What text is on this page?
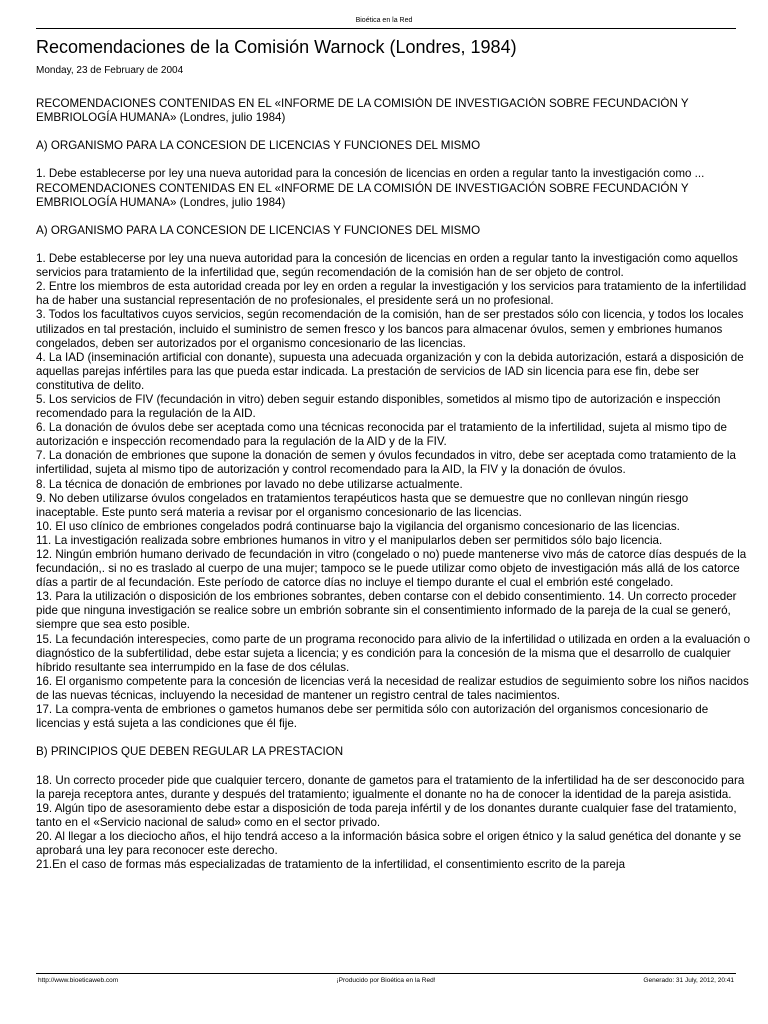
Bioética en la Red
Recomendaciones de la Comisión Warnock (Londres, 1984)
Monday, 23 de February de 2004

RECOMENDACIONES CONTENIDAS EN EL «INFORME DE LA COMISIÓN DE INVESTIGACIÓN SOBRE FECUNDACIÓN Y EMBRIOLOGÍA HUMANA» (Londres, julio 1984)

A) ORGANISMO PARA LA CONCESION DE LICENCIAS Y FUNCIONES DEL MISMO

1. Debe establecerse por ley una nueva autoridad para la concesión de licencias en orden a regular tanto la investigación como ...

RECOMENDACIONES CONTENIDAS EN EL «INFORME DE LA COMISIÓN DE INVESTIGACIÓN SOBRE FECUNDACIÓN Y EMBRIOLOGÍA HUMANA» (Londres, julio 1984)

A) ORGANISMO PARA LA CONCESION DE LICENCIAS Y FUNCIONES DEL MISMO

1. Debe establecerse por ley una nueva autoridad para la concesión de licencias en orden a regular tanto la investigación como aquellos servicios para tratamiento de la infertilidad que, según recomendación de la comisión han de ser objeto de control.

2. Entre los miembros de esta autoridad creada por ley en orden a regular la investigación y los servicios para tratamiento de la infertilidad ha de haber una sustancial representación de no profesionales, el presidente será un no profesional.

3. Todos los facultativos cuyos servicios, según recomendación de la comisión, han de ser prestados sólo con licencia, y todos los locales utilizados en tal prestación, incluido el suministro de semen fresco y los bancos para almacenar óvulos, semen y embriones humanos congelados, deben ser autorizados por el organismo concesionario de las licencias.

4. La IAD (inseminación artificial con donante), supuesta una adecuada organización y con la debida autorización, estará a disposición de aquellas parejas infértiles para las que pueda estar indicada. La prestación de servicios de IAD sin licencia para ese fin, debe ser constitutiva de delito.

5. Los servicios de FIV (fecundación in vitro) deben seguir estando disponibles, sometidos al mismo tipo de autorización e inspección recomendado para la regulación de la AID.

6. La donación de óvulos debe ser aceptada como una técnicas reconocida par el tratamiento de la infertilidad, sujeta al mismo tipo de autorización e inspección recomendado para la regulación de la AID y de la FIV.

7. La donación de embriones que supone la donación de semen y óvulos fecundados in vitro, debe ser aceptada como tratamiento de la infertilidad, sujeta al mismo tipo de autorización y control recomendado para la AID, la FIV y la donación de óvulos.

8. La técnica de donación de embriones por lavado no debe utilizarse actualmente.

9. No deben utilizarse óvulos congelados en tratamientos terapéuticos hasta que se demuestre que no conllevan ningún riesgo inaceptable. Este punto será materia a revisar por el organismo concesionario de las licencias.

10. El uso clínico de embriones congelados podrá continuarse bajo la vigilancia del organismo concesionario de las licencias.

11. La investigación realizada sobre embriones humanos in vitro y el manipularlos deben ser permitidos sólo bajo licencia.

12. Ningún embrión humano derivado de fecundación in vitro (congelado o no) puede mantenerse vivo más de catorce días después de la fecundación,. si no es traslado al cuerpo de una mujer; tampoco se le puede utilizar como objeto de investigación más allá de los catorce días a partir de al fecundación. Este período de catorce días no incluye el tiempo durante el cual el embrión esté congelado.

13. Para la utilización o disposición de los embriones sobrantes, deben contarse con el debido consentimiento. 14. Un correcto proceder pide que ninguna investigación se realice sobre un embrión sobrante sin el consentimiento informado de la pareja de la cual se generó, siempre que sea esto posible.

15. La fecundación interespecies, como parte de un programa reconocido para alivio de la infertilidad o utilizada en orden a la evaluación o diagnóstico de la subfertilidad, debe estar sujeta a licencia; y es condición para la concesión de la misma que el desarrollo de cualquier híbrido resultante sea interrumpido en la fase de dos células.

16. El organismo competente para la concesión de licencias verá la necesidad de realizar estudios de seguimiento sobre los niños nacidos de las nuevas técnicas, incluyendo la necesidad de mantener un registro central de tales nacimientos.

17. La compra-venta de embriones o gametos humanos debe ser permitida sólo con autorización del organismos concesionario de licencias y está sujeta a las condiciones que él fije.

B) PRINCIPIOS QUE DEBEN REGULAR LA PRESTACION

18. Un correcto proceder pide que cualquier tercero, donante de gametos para el tratamiento de la infertilidad ha de ser desconocido para la pareja receptora antes, durante y después del tratamiento; igualmente el donante no ha de conocer la identidad de la pareja asistida.

19. Algún tipo de asesoramiento debe estar a disposición de toda pareja infértil y de los donantes durante cualquier fase del tratamiento, tanto en el «Servicio nacional de salud» como en el sector privado.

20. Al llegar a los dieciocho años, el hijo tendrá acceso a la información básica sobre el origen étnico y la salud genética del donante y se aprobará una ley para reconocer este derecho.

21.En el caso de formas más especializadas de tratamiento de la infertilidad, el consentimiento escrito de la pareja

http://www.bioeticaweb.com	¡Producido por Bioética en la Red!	Generado: 31 July, 2012, 20:41
